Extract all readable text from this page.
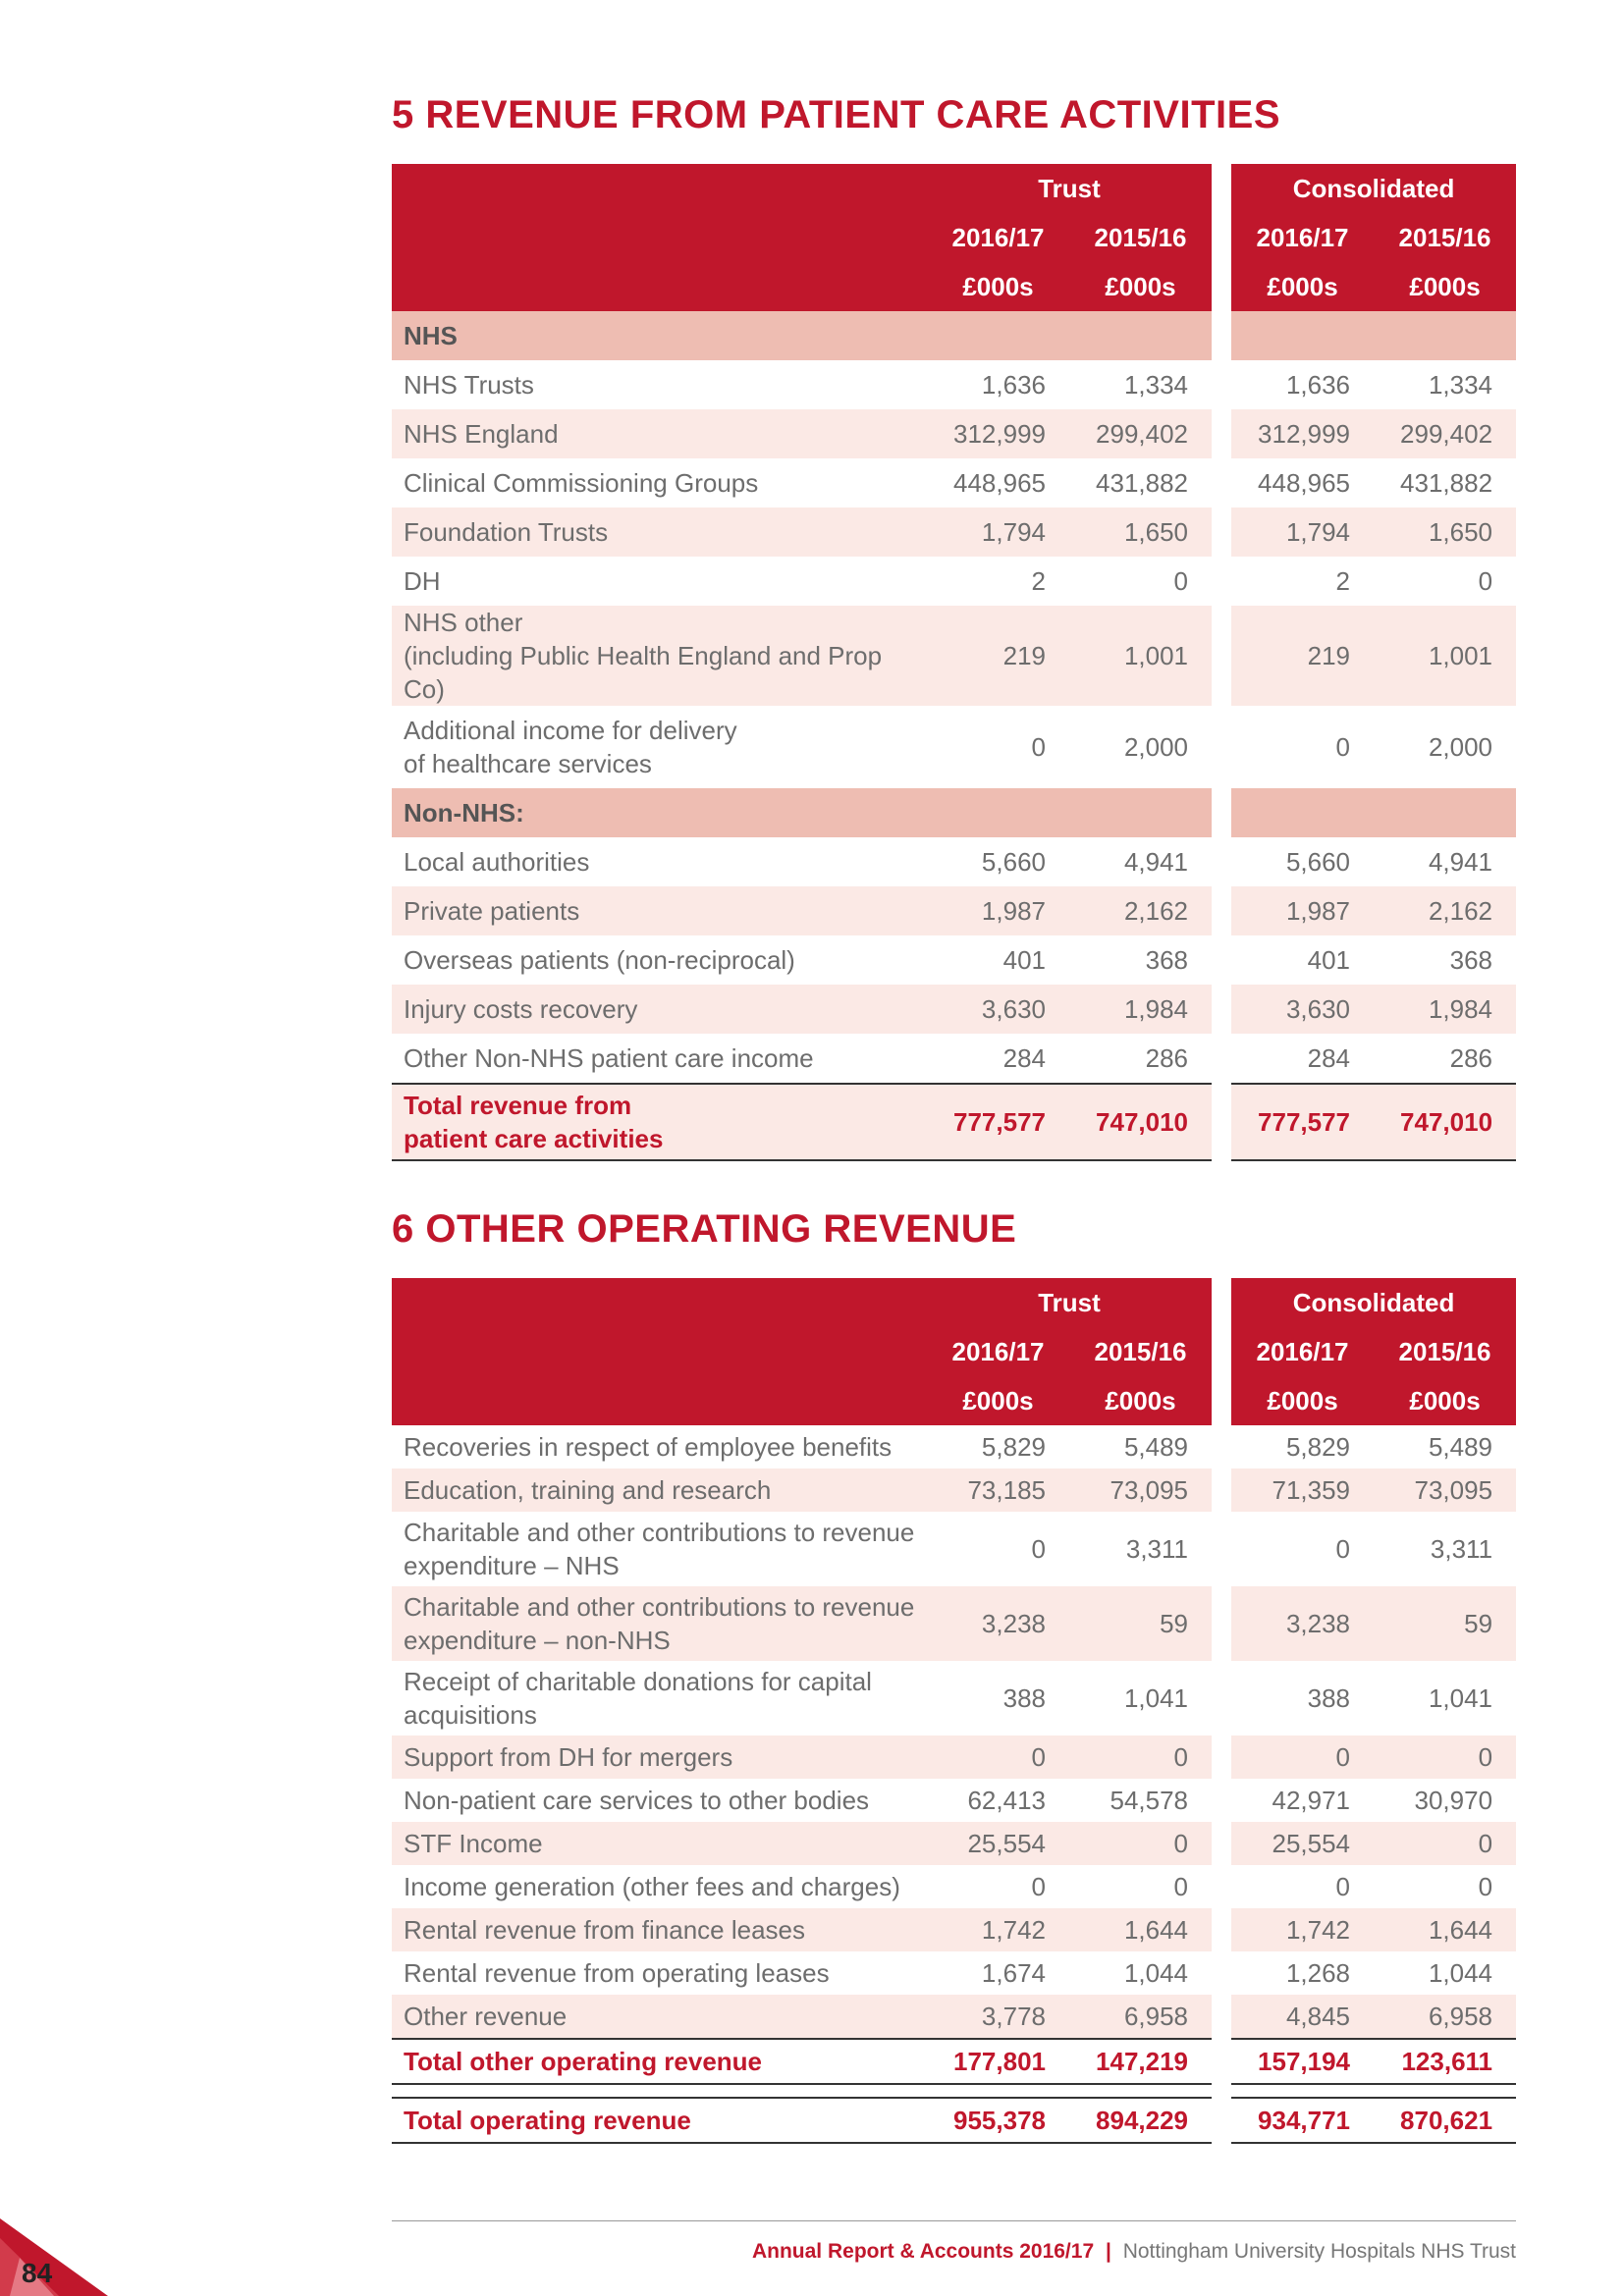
5 REVENUE FROM PATIENT CARE ACTIVITIES
	Trust			Consolidated	
	2016/17	2015/16		2016/17	2015/16
	£000s	£000s		£000s	£000s
NHS					
NHS Trusts	1,636	1,334		1,636	1,334
NHS England	312,999	299,402		312,999	299,402
Clinical Commissioning Groups	448,965	431,882		448,965	431,882
Foundation Trusts	1,794	1,650		1,794	1,650
DH	2	0		2	0

NHS other
(including Public Health England and Prop Co)	219	1,001		219	1,001

Additional income for delivery
of healthcare services	0	2,000		0	2,000
Non-NHS:					
Local authorities	5,660	4,941		5,660	4,941
Private patients	1,987	2,162		1,987	2,162
Overseas patients (non-reciprocal)	401	368		401	368
Injury costs recovery	3,630	1,984		3,630	1,984
Other Non-NHS patient care income	284	286		284	286

Total revenue from
patient care activities	777,577	747,010		777,577	747,010
6 OTHER OPERATING REVENUE
	Trust			Consolidated	
	2016/17	2015/16		2016/17	2015/16
	£000s	£000s		£000s	£000s
Recoveries in respect of employee benefits	5,829	5,489		5,829	5,489
Education, training and research	73,185	73,095		71,359	73,095

Charitable and other contributions to revenue
expenditure – NHS	0	3,311		0	3,311

Charitable and other contributions to revenue
expenditure – non-NHS	3,238	59		3,238	59

Receipt of charitable donations for capital
acquisitions	388	1,041		388	1,041
Support from DH for mergers	0	0		0	0
Non-patient care services to other bodies	62,413	54,578		42,971	30,970
STF Income	25,554	0		25,554	0
Income generation (other fees and charges)	0	0		0	0
Rental revenue from finance leases	1,742	1,644		1,742	1,644
Rental revenue from operating leases	1,674	1,044		1,268	1,044
Other revenue	3,778	6,958		4,845	6,958
Total other operating revenue	177,801	147,219		157,194	123,611

Total operating revenue	955,378	894,229		934,771	870,621
Annual Report & Accounts 2016/17 | Nottingham University Hospitals NHS Trust
84
